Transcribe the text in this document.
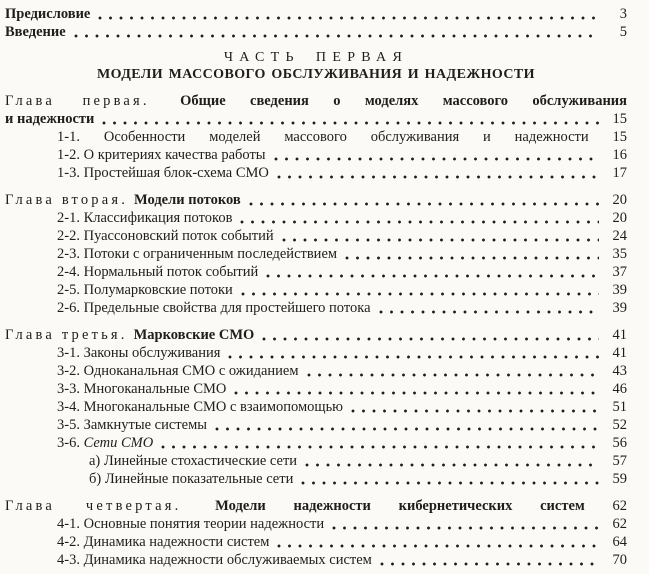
Предисловие	3
Введение	5
ЧАСТЬ ПЕРВАЯ
МОДЕЛИ МАССОВОГО ОБСЛУЖИВАНИЯ И НАДЕЖНОСТИ
Глава первая. Общие сведения о моделях массового обслуживания
и надежности	15
1-1. Особенности моделей массового обслуживания и надежности 15
1-2. О критериях качества работы	16
1-3. Простейшая блок-схема СМО	17
Глава вторая. Модели потоков	20
2-1. Классификация потоков	20
2-2. Пуассоновский поток событий	24
2-3. Потоки с ограниченным последействием	35
2-4. Нормальный поток событий	37
2-5. Полумарковские потоки	39
2-6. Предельные свойства для простейшего потока	39
Глава третья. Марковские СМО	41
3-1. Законы обслуживания	41
3-2. Одноканальная СМО с ожиданием	43
3-3. Многоканальные СМО	46
3-4. Многоканальные СМО с взаимопомощью	51
3-5. Замкнутые системы	52
3-6. Сети СМО	56
а) Линейные стохастические сети	57
б) Линейные показательные сети	59
Глава четвертая. Модели надежности кибернетических систем 62
4-1. Основные понятия теории надежности	62
4-2. Динамика надежности систем	64
4-3. Динамика надежности обслуживаемых систем	70
